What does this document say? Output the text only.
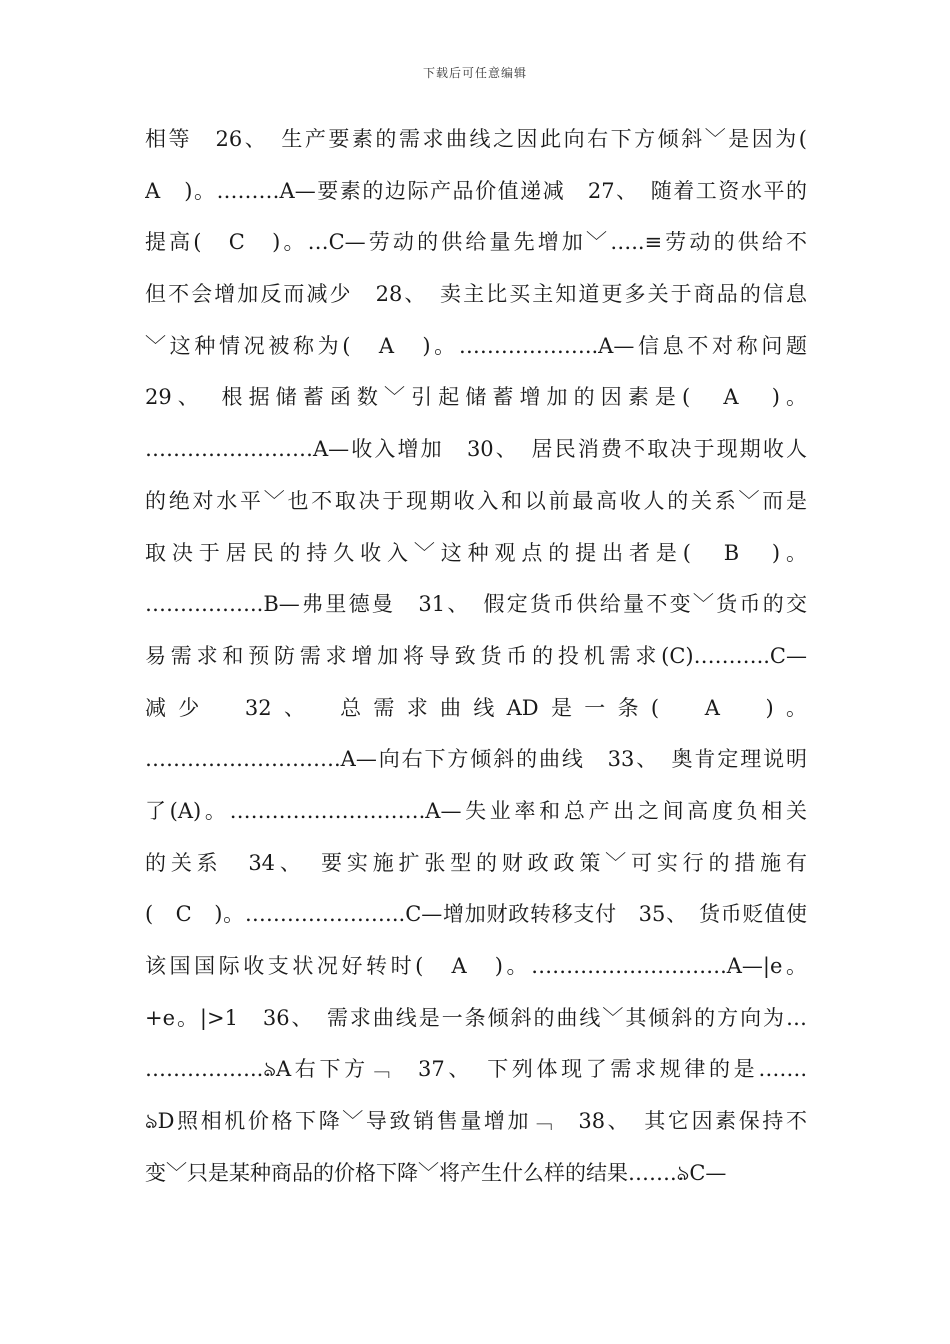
下载后可任意编辑
相等　26、　生产要素的需求曲线之因此向右下方倾斜﹀是因为(
A　)。………A—要素的边际产品价值递减　27、　随着工资水平的
提高(　C　)。…C—劳动的供给量先增加﹀…..≡劳动的供给不
但不会增加反而减少　28、　卖主比买主知道更多关于商品的信息
﹀这种情况被称为(　A　)。………………..A—信息不对称问题
29、　根据储蓄函数﹀引起储蓄增加的因素是(　A　)。
……………………A—收入增加　30、　居民消费不取决于现期收人
的绝对水平﹀也不取决于现期收入和以前最高收人的关系﹀而是
取决于居民的持久收入﹀这种观点的提出者是(　B　)。
……………..B—弗里德曼　31、　假定货币供给量不变﹀货币的交
易需求和预防需求增加将导致货币的投机需求(C)………..C—
减少　32、　总需求曲线AD是一条(　A　)。
……………………….A—向右下方倾斜的曲线　33、　奥肯定理说明
了(A)。……………………….A—失业率和总产出之间高度负相关
的关系　34、　要实施扩张型的财政政策﹀可实行的措施有
(　C　)。…………………..C—增加财政转移支付　35、　货币贬值使
该国国际收支状况好转时(　A　)。……………………….A—|e。
+e。|>1　36、　需求曲线是一条倾斜的曲线﹀其倾斜的方向为…
……………..ঌA右下方﹁　37、　下列体现了需求规律的是…….
ঌD照相机价格下降﹀导致销售量增加﹁　38、　其它因素保持不
变﹀只是某种商品的价格下降﹀将产生什么样的结果…….ঌC—
